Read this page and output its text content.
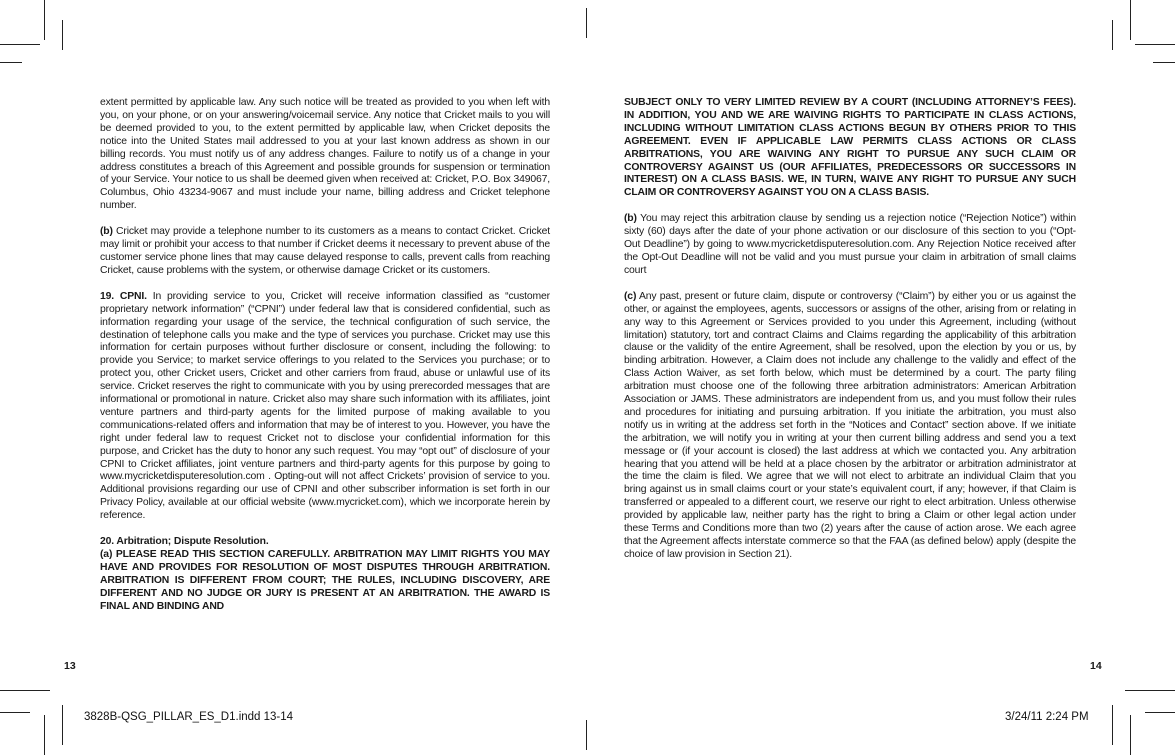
extent permitted by applicable law. Any such notice will be treated as provided to you when left with you, on your phone, or on your answering/voicemail service. Any notice that Cricket mails to you will be deemed provided to you, to the extent permitted by applicable law, when Cricket deposits the notice into the United States mail addressed to you at your last known address as shown in our billing records. You must notify us of any address changes. Failure to notify us of a change in your address constitutes a breach of this Agreement and possible grounds for suspension or termination of your Service. Your notice to us shall be deemed given when received at: Cricket, P.O. Box 349067, Columbus, Ohio 43234-9067 and must include your name, billing address and Cricket telephone number.

(b) Cricket may provide a telephone number to its customers as a means to contact Cricket. Cricket may limit or prohibit your access to that number if Cricket deems it necessary to prevent abuse of the customer service phone lines that may cause delayed response to calls, prevent calls from reaching Cricket, cause problems with the system, or otherwise damage Cricket or its customers.

19. CPNI. In providing service to you, Cricket will receive information classified as “customer proprietary network information” (“CPNI”) under federal law that is considered confidential, such as information regarding your usage of the service, the technical configuration of such service, the destination of telephone calls you make and the type of services you purchase. Cricket may use this information for certain purposes without further disclosure or consent, including the following: to provide you Service; to market service offerings to you related to the Services you purchase; or to protect you, other Cricket users, Cricket and other carriers from fraud, abuse or unlawful use of its service. Cricket reserves the right to communicate with you by using prerecorded messages that are informational or promotional in nature. Cricket also may share such information with its affiliates, joint venture partners and third-party agents for the limited purpose of making available to you communications-related offers and information that may be of interest to you. However, you have the right under federal law to request Cricket not to disclose your confidential information for this purpose, and Cricket has the duty to honor any such request. You may “opt out” of disclosure of your CPNI to Cricket affiliates, joint venture partners and third-party agents for this purpose by going to www.mycricketdisputeresolution.com . Opting-out will not affect Crickets’ provision of service to you. Additional provisions regarding our use of CPNI and other subscriber information is set forth in our Privacy Policy, available at our official website (www.mycricket.com), which we incorporate herein by reference.

20. Arbitration; Dispute Resolution.
(a) PLEASE READ THIS SECTION CAREFULLY. ARBITRATION MAY LIMIT RIGHTS YOU MAY HAVE AND PROVIDES FOR RESOLUTION OF MOST DISPUTES THROUGH ARBITRATION. ARBITRATION IS DIFFERENT FROM COURT; THE RULES, INCLUDING DISCOVERY, ARE DIFFERENT AND NO JUDGE OR JURY IS PRESENT AT AN ARBITRATION. THE AWARD IS FINAL AND BINDING AND

SUBJECT ONLY TO VERY LIMITED REVIEW BY A COURT (INCLUDING ATTORNEY’S FEES). IN ADDITION, YOU AND WE ARE WAIVING RIGHTS TO PARTICIPATE IN CLASS ACTIONS, INCLUDING WITHOUT LIMITATION CLASS ACTIONS BEGUN BY OTHERS PRIOR TO THIS AGREEMENT. EVEN IF APPLICABLE LAW PERMITS CLASS ACTIONS OR CLASS ARBITRATIONS, YOU ARE WAIVING ANY RIGHT TO PURSUE ANY SUCH CLAIM OR CONTROVERSY AGAINST US (OUR AFFILIATES, PREDECESSORS OR SUCCESSORS IN INTEREST) ON A CLASS BASIS. WE, IN TURN, WAIVE ANY RIGHT TO PURSUE ANY SUCH CLAIM OR CONTROVERSY AGAINST YOU ON A CLASS BASIS.

(b) You may reject this arbitration clause by sending us a rejection notice (“Rejection Notice”) within sixty (60) days after the date of your phone activation or our disclosure of this section to you (“Opt-Out Deadline”) by going to www.mycricketdisputeresolution.com. Any Rejection Notice received after the Opt-Out Deadline will not be valid and you must pursue your claim in arbitration of small claims court

(c) Any past, present or future claim, dispute or controversy (“Claim”) by either you or us against the other, or against the employees, agents, successors or assigns of the other, arising from or relating in any way to this Agreement or Services provided to you under this Agreement, including (without limitation) statutory, tort and contract Claims and Claims regarding the applicability of this arbitration clause or the validity of the entire Agreement, shall be resolved, upon the election by you or us, by binding arbitration. However, a Claim does not include any challenge to the validly and effect of the Class Action Waiver, as set forth below, which must be determined by a court. The party filing arbitration must choose one of the following three arbitration administrators: American Arbitration Association or JAMS. These administrators are independent from us, and you must follow their rules and procedures for initiating and pursuing arbitration. If you initiate the arbitration, you must also notify us in writing at the address set forth in the “Notices and Contact” section above. If we initiate the arbitration, we will notify you in writing at your then current billing address and send you a text message or (if your account is closed) the last address at which we contacted you. Any arbitration hearing that you attend will be held at a place chosen by the arbitrator or arbitration administrator at the time the claim is filed. We agree that we will not elect to arbitrate an individual Claim that you bring against us in small claims court or your state’s equivalent court, if any; however, if that Claim is transferred or appealed to a different court, we reserve our right to elect arbitration. Unless otherwise provided by applicable law, neither party has the right to bring a Claim or other legal action under these Terms and Conditions more than two (2) years after the cause of action arose. We each agree that the Agreement affects interstate commerce so that the FAA (as defined below) apply (despite the choice of law provision in Section 21).

13	14
3828B-QSG_PILLAR_ES_D1.indd 13-14	3/24/11 2:24 PM
